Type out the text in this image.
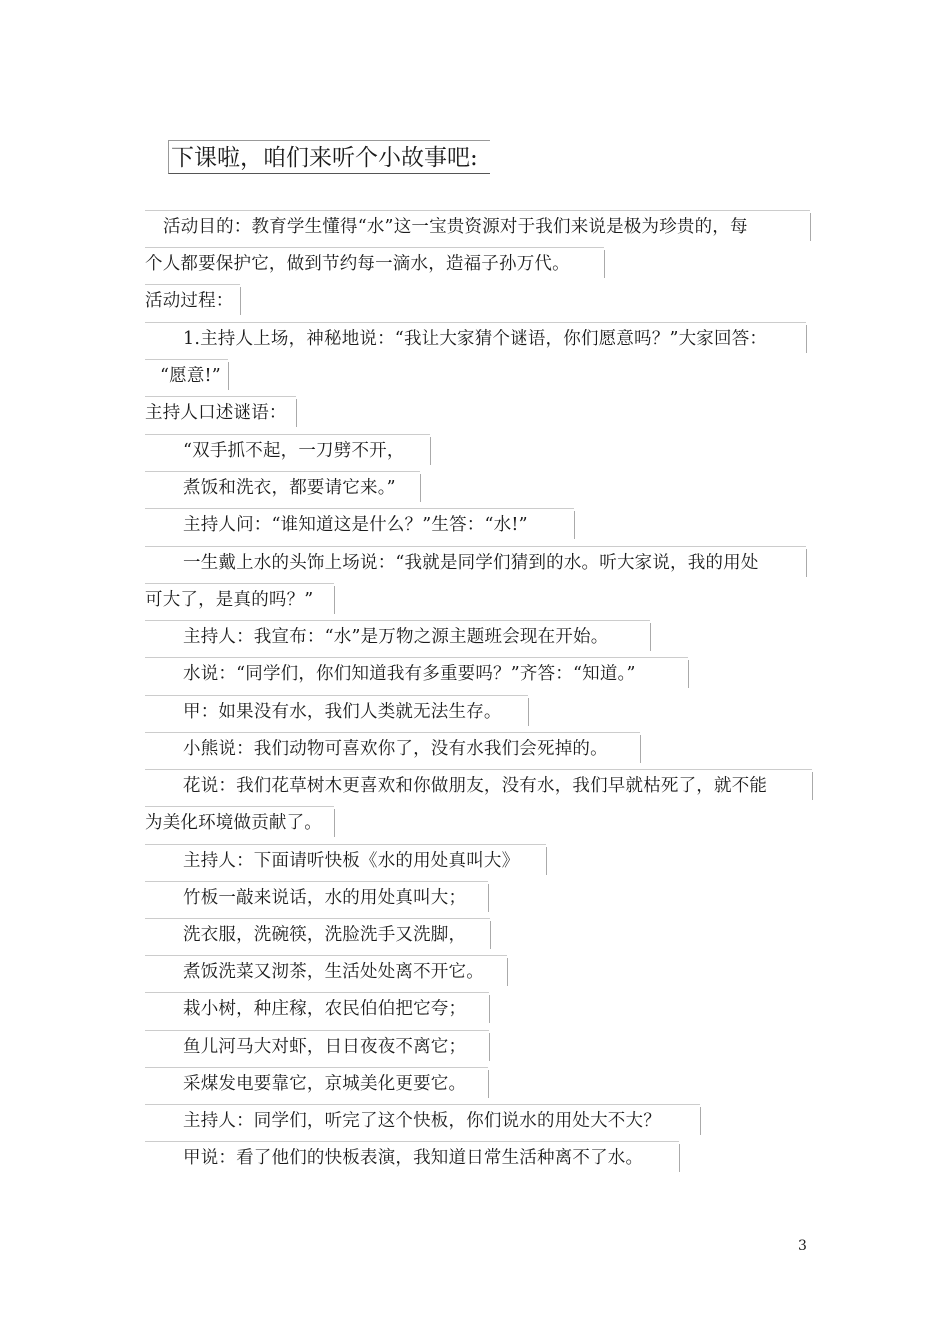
下课啦，咱们来听个小故事吧:
活动目的：教育学生懂得“水”这一宝贵资源对于我们来说是极为珍贵的，每
个人都要保护它，做到节约每一滴水，造福子孙万代。
活动过程：
1.主持人上场，神秘地说：“我让大家猜个谜语，你们愿意吗？”大家回答：
“愿意!”
主持人口述谜语：
“双手抓不起，一刀劈不开，
煮饭和洗衣，都要请它来。”
主持人问：“谁知道这是什么？”生答：“水!”
一生戴上水的头饰上场说：“我就是同学们猜到的水。听大家说，我的用处
可大了，是真的吗？”
主持人：我宣布：“水”是万物之源主题班会现在开始。
水说：“同学们，你们知道我有多重要吗？”齐答：“知道。”
甲：如果没有水，我们人类就无法生存。
小熊说：我们动物可喜欢你了，没有水我们会死掉的。
花说：我们花草树木更喜欢和你做朋友，没有水，我们早就枯死了，就不能
为美化环境做贡献了。
主持人：下面请听快板《水的用处真叫大》
竹板一敲来说话，水的用处真叫大；
洗衣服，洗碗筷，洗脸洗手又洗脚，
煮饭洗菜又沏茶，生活处处离不开它。
栽小树，种庄稼，农民伯伯把它夸；
鱼儿河马大对虾，日日夜夜不离它；
采煤发电要靠它，京城美化更要它。
主持人：同学们，听完了这个快板，你们说水的用处大不大？
甲说：看了他们的快板表演，我知道日常生活种离不了水。
3
